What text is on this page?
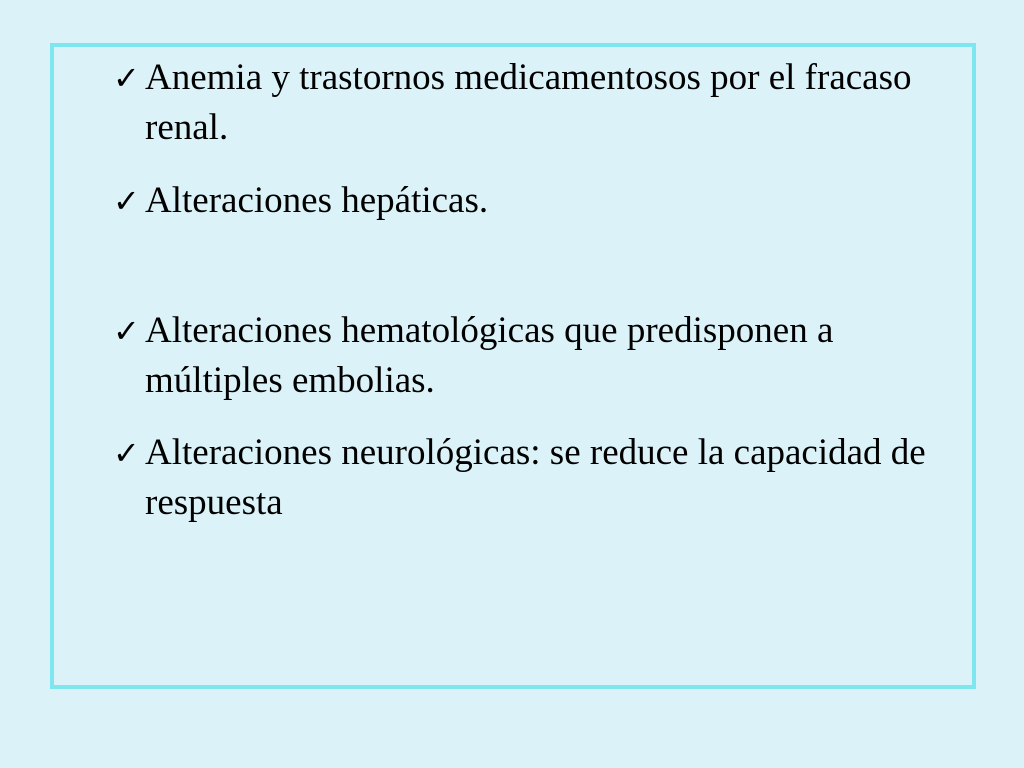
✓ Anemia y trastornos medicamentosos por el fracaso renal.
✓ Alteraciones hepáticas.
✓ Alteraciones hematológicas que predisponen a múltiples embolias.
✓ Alteraciones neurológicas: se reduce la capacidad de respuesta
